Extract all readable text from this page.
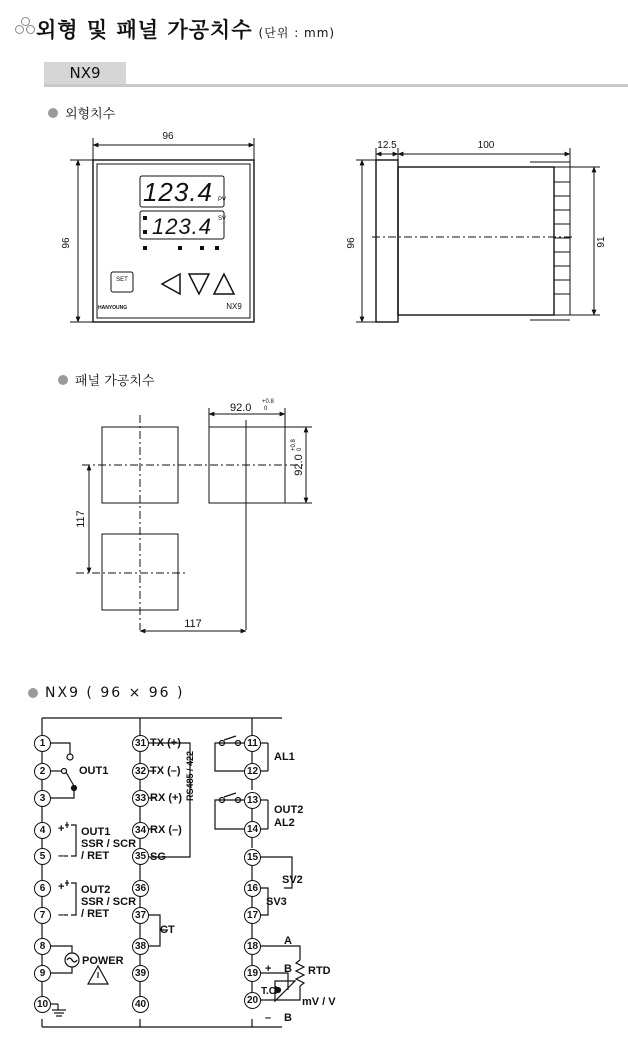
외형 및 패널 가공치수 (단위 : mm)
NX9
외형치수
패널 가공치수
NX9 ( 96 × 96 )
96
96
PV
SV
123.4
123.4
SET
HANYOUNG	NX9
12.5	100
96	91
92.0 +0.8
0
92.0
+0.8 0
117
117
RS485 / 422
1
2
3
4
5
6
7
8
9
10
31
32
33
34
35
36
37
38
39
40
11
12
13
14
15
16
17
18
19
20
OUT1
+
–
OUT1
SSR / SCR
/ RET
+
–
OUT2
SSR / SCR
/ RET
POWER
TX (+)
TX (–)
RX (+)
RX (–)
SG
CT
AL1
OUT2
AL2
SV2
SV3
A
B
B
RTD
+
–
T.C
mV / V
